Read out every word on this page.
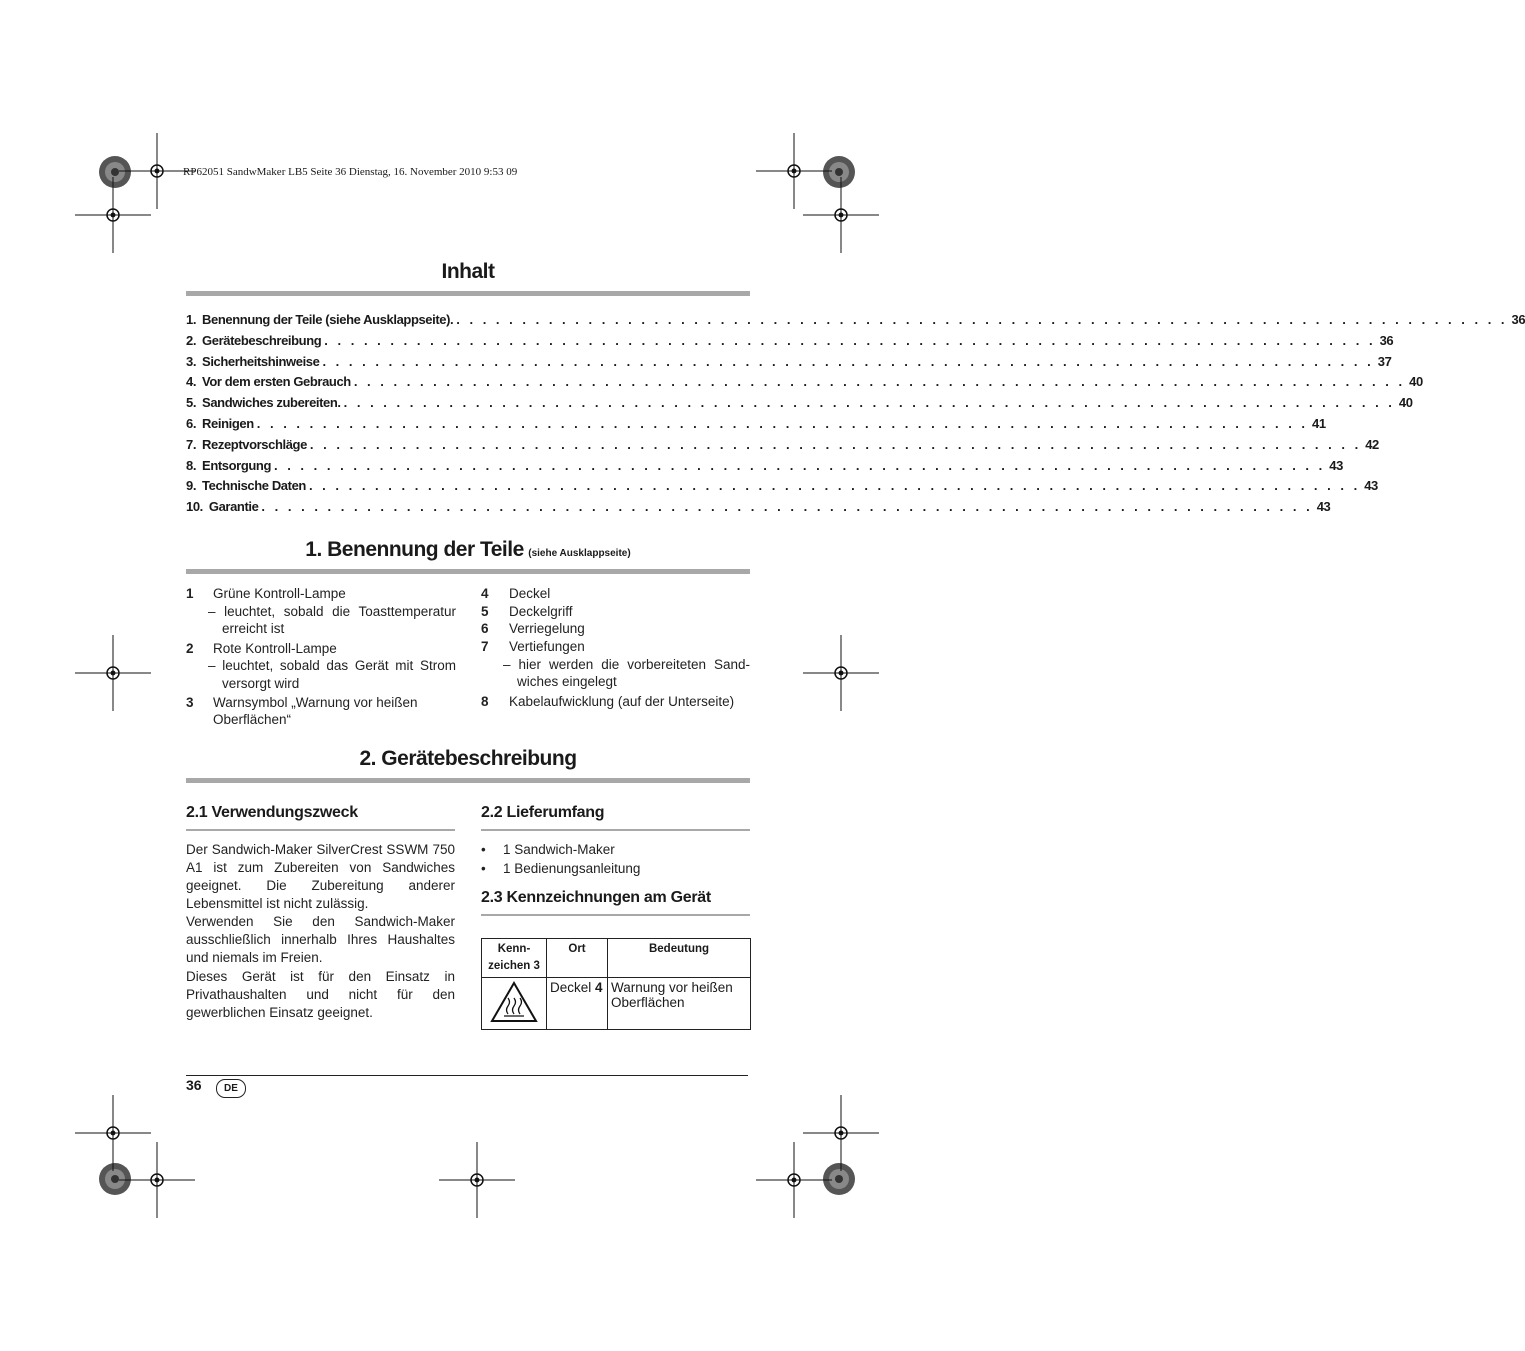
RP62051 SandwMaker LB5 Seite 36 Dienstag, 16. November 2010 9:53 09
Inhalt
1. Benennung der Teile (siehe Ausklappseite). . . . . . . . . . . . . . . . . . . . . . . . . . . . . . . . . . . . . . . . . . . . . . . . . . . . . . . . . . . . . . . . . . . . . . . . . . . . . . . . . 36
2. Gerätebeschreibung . . . . . . . . . . . . . . . . . . . . . . . . . . . . . . . . . . . . . . . . . . . . . . . . . . . . . . . . . . . . . . . . . . . . . . . . . . . . . . . . 36
3. Sicherheitshinweise . . . . . . . . . . . . . . . . . . . . . . . . . . . . . . . . . . . . . . . . . . . . . . . . . . . . . . . . . . . . . . . . . . . . . . . . . . . . . . . . 37
4. Vor dem ersten Gebrauch . . . . . . . . . . . . . . . . . . . . . . . . . . . . . . . . . . . . . . . . . . . . . . . . . . . . . . . . . . . . . . . . . . . . . . . . . . . . . . . . 40
5. Sandwiches zubereiten. . . . . . . . . . . . . . . . . . . . . . . . . . . . . . . . . . . . . . . . . . . . . . . . . . . . . . . . . . . . . . . . . . . . . . . . . . . . . . . . . 40
6. Reinigen . . . . . . . . . . . . . . . . . . . . . . . . . . . . . . . . . . . . . . . . . . . . . . . . . . . . . . . . . . . . . . . . . . . . . . . . . . . . . . . . 41
7. Rezeptvorschläge . . . . . . . . . . . . . . . . . . . . . . . . . . . . . . . . . . . . . . . . . . . . . . . . . . . . . . . . . . . . . . . . . . . . . . . . . . . . . . . . 42
8. Entsorgung . . . . . . . . . . . . . . . . . . . . . . . . . . . . . . . . . . . . . . . . . . . . . . . . . . . . . . . . . . . . . . . . . . . . . . . . . . . . . . . . 43
9. Technische Daten . . . . . . . . . . . . . . . . . . . . . . . . . . . . . . . . . . . . . . . . . . . . . . . . . . . . . . . . . . . . . . . . . . . . . . . . . . . . . . . . 43
10. Garantie . . . . . . . . . . . . . . . . . . . . . . . . . . . . . . . . . . . . . . . . . . . . . . . . . . . . . . . . . . . . . . . . . . . . . . . . . . . . . . . . 43
1. Benennung der Teile (siehe Ausklappseite)
1 Grüne Kontroll-Lampe
– leuchtet, sobald die Toasttemperatur
erreicht ist
2 Rote Kontroll-Lampe
– leuchtet, sobald das Gerät mit Strom
versorgt wird
3 Warnsymbol „Warnung vor heißen
Oberflächen“
4 Deckel
5 Deckelgriff
6 Verriegelung
7 Vertiefungen
– hier werden die vorbereiteten Sand-
wiches eingelegt
8 Kabelaufwicklung (auf der Unterseite)
2. Gerätebeschreibung
2.1 Verwendungszweck
Der Sandwich-Maker SilverCrest SSWM 750 A1 ist zum Zubereiten von Sandwiches geeignet. Die Zubereitung anderer Lebensmittel ist nicht zulässig.
Verwenden Sie den Sandwich-Maker ausschließlich innerhalb Ihres Haushaltes und niemals im Freien.
Dieses Gerät ist für den Einsatz in Privathaushalten und nicht für den gewerblichen Einsatz geeignet.
2.2 Lieferumfang
• 1 Sandwich-Maker
• 1 Bedienungsanleitung
2.3 Kennzeichnungen am Gerät
Kenn-zeichen 3	Ort	Bedeutung
	Deckel 4	Warnung vor heißen Oberflächen
36	DE
